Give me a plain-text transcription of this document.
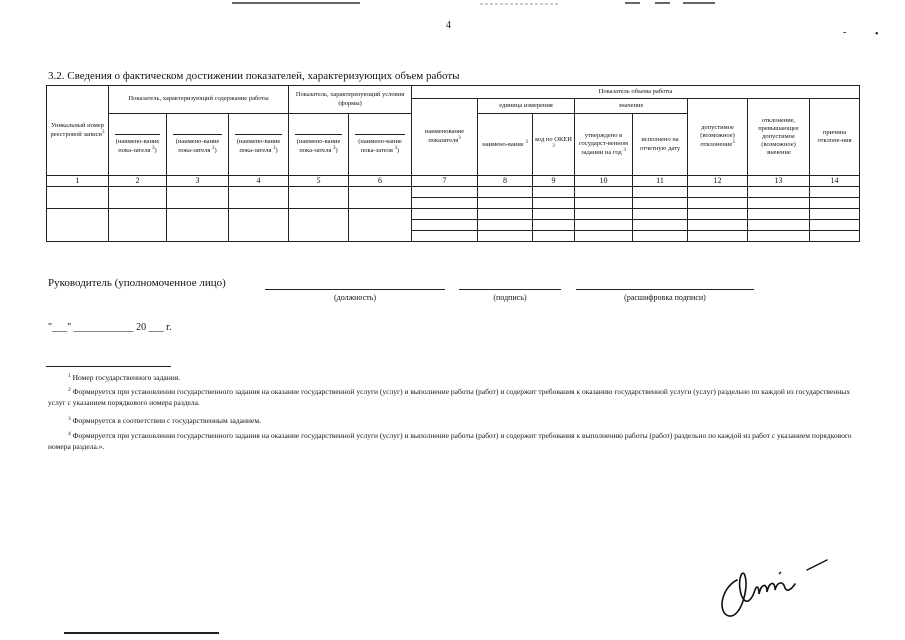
4
-	•
3.2. Сведения о фактическом достижении показателей, характеризующих объем работы
Уникальный номер реестровой записи$^3$	Показатель, характеризующий содержание работы			Показатель, характеризующий условия (формы)		Показатель объема работы							
						наименование показателя$^3$	единица измерения		значение		допустимое (возможное) отклонение$^3$	отклонение, превышающее допустимое (возможное) значение	причина отклоне-ния

(наимено-вание пока-зателя $^3$)	(наимено-вание пока-зателя $^3$)	(наимено-вание пока-зателя $^3$)	(наимено-вание пока-зателя $^3$)	(наимено-вание пока-зателя $^3$)		наимено-вание $^3$	код по ОКЕИ $^3$	утверждено в государст-венном задании на год $^3$	исполнено на отчетную дату			
1	2	3	4	5	6	7	8	9	10	11	12	13	14

Руководитель (уполномоченное лицо)
(должность)	(подпись)	(расшифровка подписи)
"___" ____________ 20 ___ г.
$^1$ Номер государственного задания.
$^2$ Формируется при установлении государственного задания на оказание государственной услуги (услуг) и выполнение работы (работ) и содержит требования к оказанию государственной услуги (услуг) раздельно по каждой из государственных услуг с указанием порядкового номера раздела.
$^3$ Формируется в соответствии с государственным заданием.
$^4$ Формируется при установлении государственного задания на оказание государственной услуги (услуг) и выполнение работы (работ) и содержит требования к выполнению работы (работ) раздельно по каждой из работ с указанием порядкового номера раздела.».
